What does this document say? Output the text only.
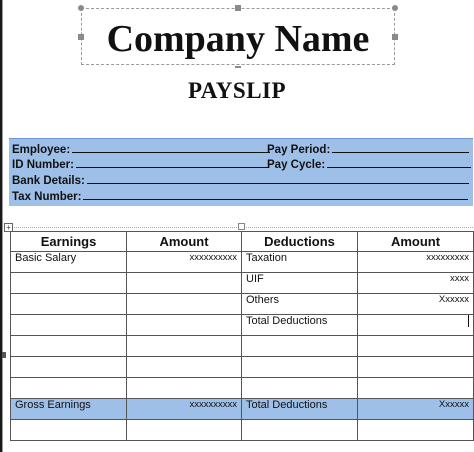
Company Name
PAYSLIP
Employee:	Pay Period:
ID Number:	Pay Cycle:
Bank Details:
Tax Number:
+
Earnings	Amount	Deductions	Amount
Basic Salary	xxxxxxxxxx	Taxation	xxxxxxxxx
		UIF	xxxx
		Others	Xxxxxx
		Total Deductions	

Gross Earnings	xxxxxxxxxx	Total Deductions	Xxxxxx
